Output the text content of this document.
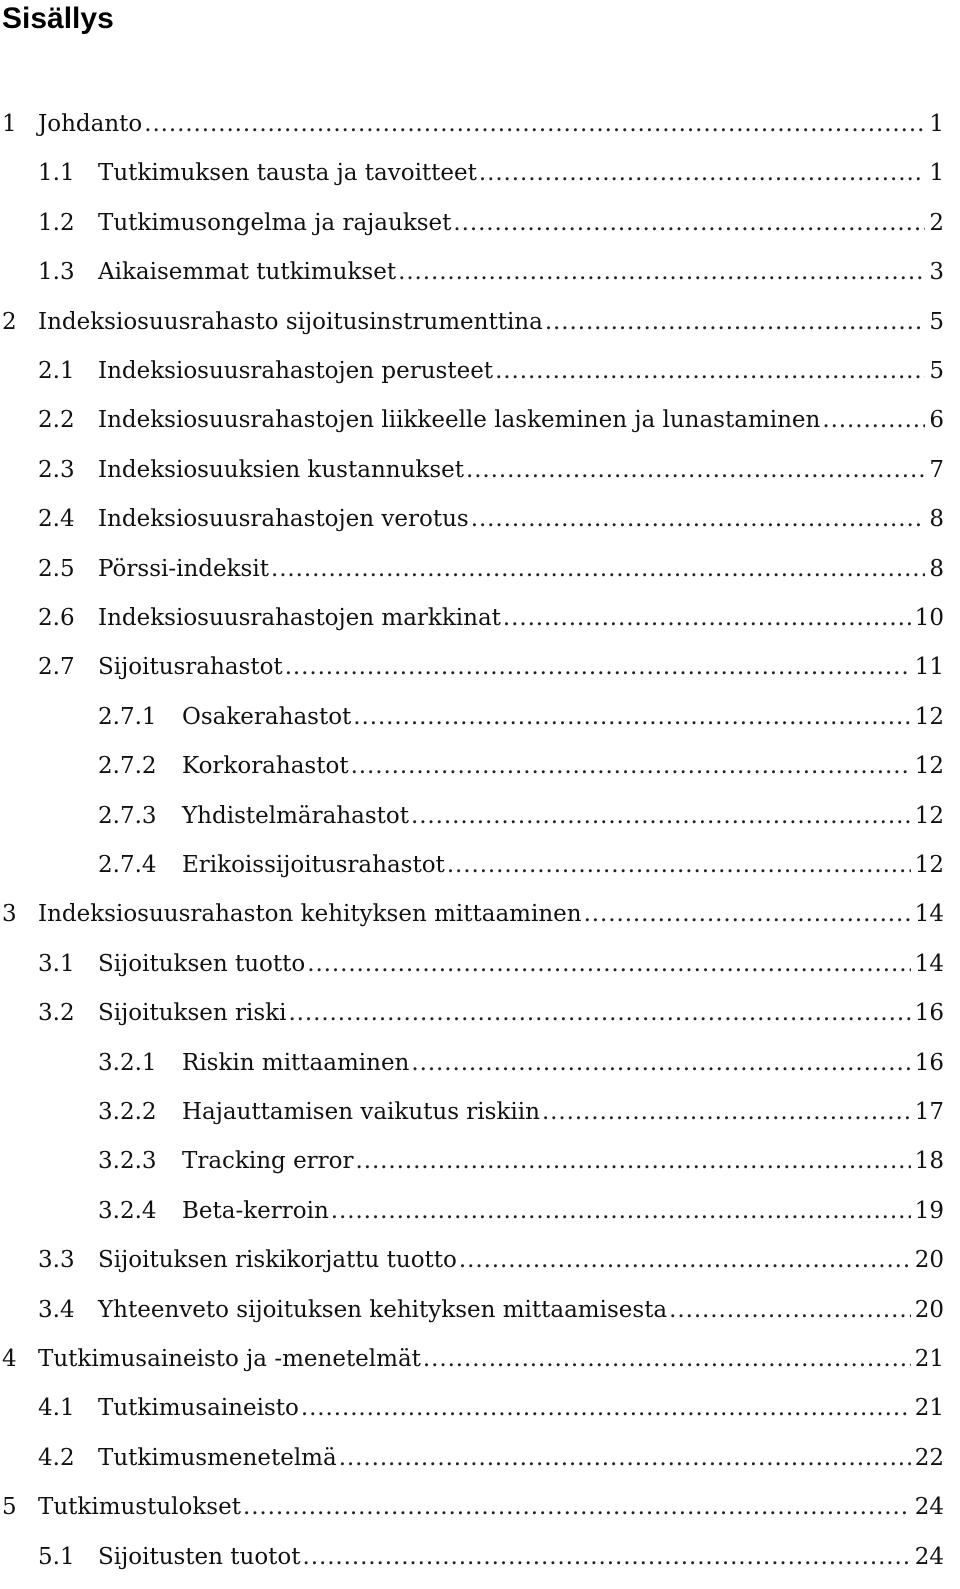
Sisällys
1 Johdanto . . .	1
1.1	Tutkimuksen tausta ja tavoitteet . . .	1
1.2	Tutkimusongelma ja rajaukset . . .	2
1.3	Aikaisemmat tutkimukset . . .	3
2 Indeksiosuusrahasto sijoitusinstrumenttina . . .	5
2.1	Indeksiosuusrahastojen perusteet . . .	5
2.2	Indeksiosuusrahastojen liikkeelle laskeminen ja lunastaminen . . .	6
2.3	Indeksiosuuksien kustannukset . . .	7
2.4	Indeksiosuusrahastojen verotus . . .	8
2.5	Pörssi-indeksit . . .	8
2.6	Indeksiosuusrahastojen markkinat . . .	10
2.7	Sijoitusrahastot . . .	11
2.7.1	Osakerahastot . . .	12
2.7.2	Korkorahastot . . .	12
2.7.3	Yhdistelmärahastot . . .	12
2.7.4	Erikoissijoitusrahastot . . .	12
3 Indeksiosuusrahaston kehityksen mittaaminen . . .	14
3.1	Sijoituksen tuotto . . .	14
3.2	Sijoituksen riski . . .	16
3.2.1	Riskin mittaaminen . . .	16
3.2.2	Hajauttamisen vaikutus riskiin . . .	17
3.2.3	Tracking error . . .	18
3.2.4	Beta-kerroin . . .	19
3.3	Sijoituksen riskikorjattu tuotto . . .	20
3.4	Yhteenveto sijoituksen kehityksen mittaamisesta . . .	20
4 Tutkimusaineisto ja -menetelmät . . .	21
4.1	Tutkimusaineisto . . .	21
4.2	Tutkimusmenetelmä . . .	22
5 Tutkimustulokset . . .	24
5.1	Sijoitusten tuotot . . .	24
